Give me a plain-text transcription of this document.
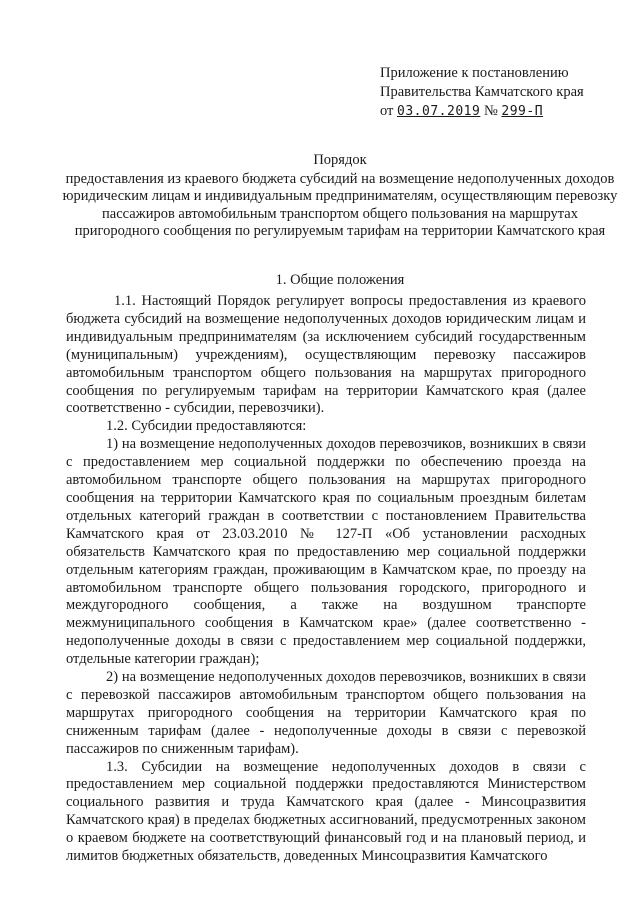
Приложение к постановлению
Правительства Камчатского края
от 03.07.2019 № 299-П
Порядок
предоставления из краевого бюджета субсидий на возмещение недополученных доходов юридическим лицам и индивидуальным предпринимателям, осуществляющим перевозку пассажиров автомобильным транспортом общего пользования на маршрутах пригородного сообщения по регулируемым тарифам на территории Камчатского края
1. Общие положения

1.1. Настоящий Порядок регулирует вопросы предоставления из краевого бюджета субсидий на возмещение недополученных доходов юридическим лицам и индивидуальным предпринимателям (за исключением субсидий государственным (муниципальным) учреждениям), осуществляющим перевозку пассажиров автомобильным транспортом общего пользования на маршрутах пригородного сообщения по регулируемым тарифам на территории Камчатского края (далее соответственно - субсидии, перевозчики).

1.2. Субсидии предоставляются:

1) на возмещение недополученных доходов перевозчиков, возникших в связи с предоставлением мер социальной поддержки по обеспечению проезда на автомобильном транспорте общего пользования на маршрутах пригородного сообщения на территории Камчатского края по социальным проездным билетам отдельных категорий граждан в соответствии с постановлением Правительства Камчатского края от 23.03.2010 № 127-П «Об установлении расходных обязательств Камчатского края по предоставлению мер социальной поддержки отдельным категориям граждан, проживающим в Камчатском крае, по проезду на автомобильном транспорте общего пользования городского, пригородного и междугородного сообщения, а также на воздушном транспорте межмуниципального сообщения в Камчатском крае» (далее соответственно - недополученные доходы в связи с предоставлением мер социальной поддержки, отдельные категории граждан);

2) на возмещение недополученных доходов перевозчиков, возникших в связи с перевозкой пассажиров автомобильным транспортом общего пользования на маршрутах пригородного сообщения на территории Камчатского края по сниженным тарифам (далее - недополученные доходы в связи с перевозкой пассажиров по сниженным тарифам).

1.3. Субсидии на возмещение недополученных доходов в связи с предоставлением мер социальной поддержки предоставляются Министерством социального развития и труда Камчатского края (далее - Минсоцразвития Камчатского края) в пределах бюджетных ассигнований, предусмотренных законом о краевом бюджете на соответствующий финансовый год и на плановый период, и лимитов бюджетных обязательств, доведенных Минсоцразвития Камчатского
